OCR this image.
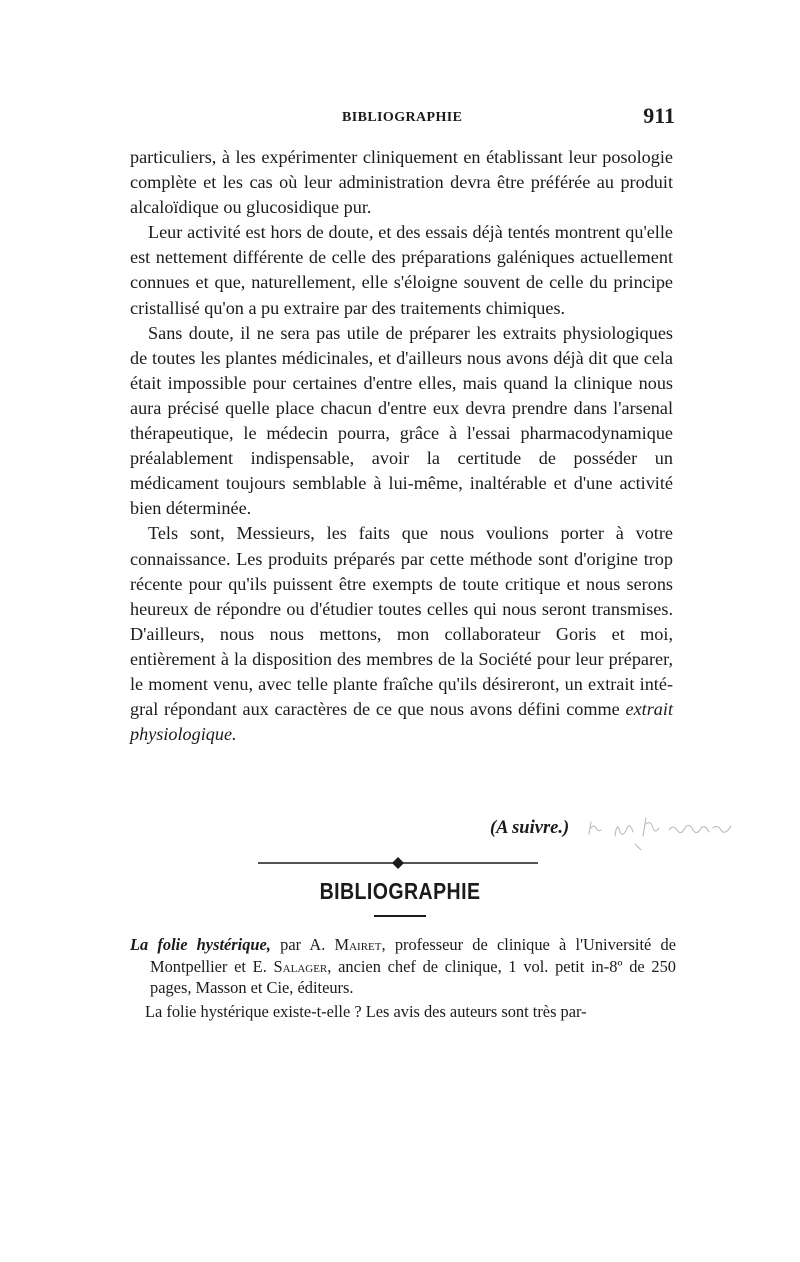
BIBLIOGRAPHIE	911

particuliers, à les expérimenter cliniquement en établissant leur posologie complète et les cas où leur administration devra être préférée au produit alcaloïdique ou glucosidique pur.

Leur activité est hors de doute, et des essais déjà tentés montrent qu'elle est nettement différente de celle des préparations galéniques actuellement connues et que, naturellement, elle s'éloigne souvent de celle du principe cristallisé qu'on a pu extraire par des traitements chimiques.

Sans doute, il ne sera pas utile de préparer les extraits physiologiques de toutes les plantes médicinales, et d'ailleurs nous avons déjà dit que cela était impossible pour certaines d'entre elles, mais quand la clinique nous aura précisé quelle place chacun d'entre eux devra prendre dans l'arsenal thérapeutique, le médecin pourra, grâce à l'essai pharmacodynamique préalablement indispensable, avoir la certitude de posséder un médicament toujours semblable à lui-même, inaltérable et d'une activité bien déterminée.

Tels sont, Messieurs, les faits que nous voulions porter à votre connaissance. Les produits préparés par cette méthode sont d'origine trop récente pour qu'ils puissent être exempts de toute critique et nous serons heureux de répondre ou d'étudier toutes celles qui nous seront transmises. D'ailleurs, nous nous mettons, mon collaborateur Goris et moi, entièrement à la disposition des membres de la Société pour leur préparer, le moment venu, avec telle plante fraîche qu'ils désireront, un extrait intégral répondant aux caractères de ce que nous avons défini comme extrait physiologique.

(A suivre.)
BIBLIOGRAPHIE
La folie hystérique, par A. Mairet, professeur de clinique à l'Université de Montpellier et E. Salager, ancien chef de clinique, 1 vol. petit in-8º de 250 pages, Masson et Cie, éditeurs.
La folie hystérique existe-t-elle ? Les avis des auteurs sont très par-
